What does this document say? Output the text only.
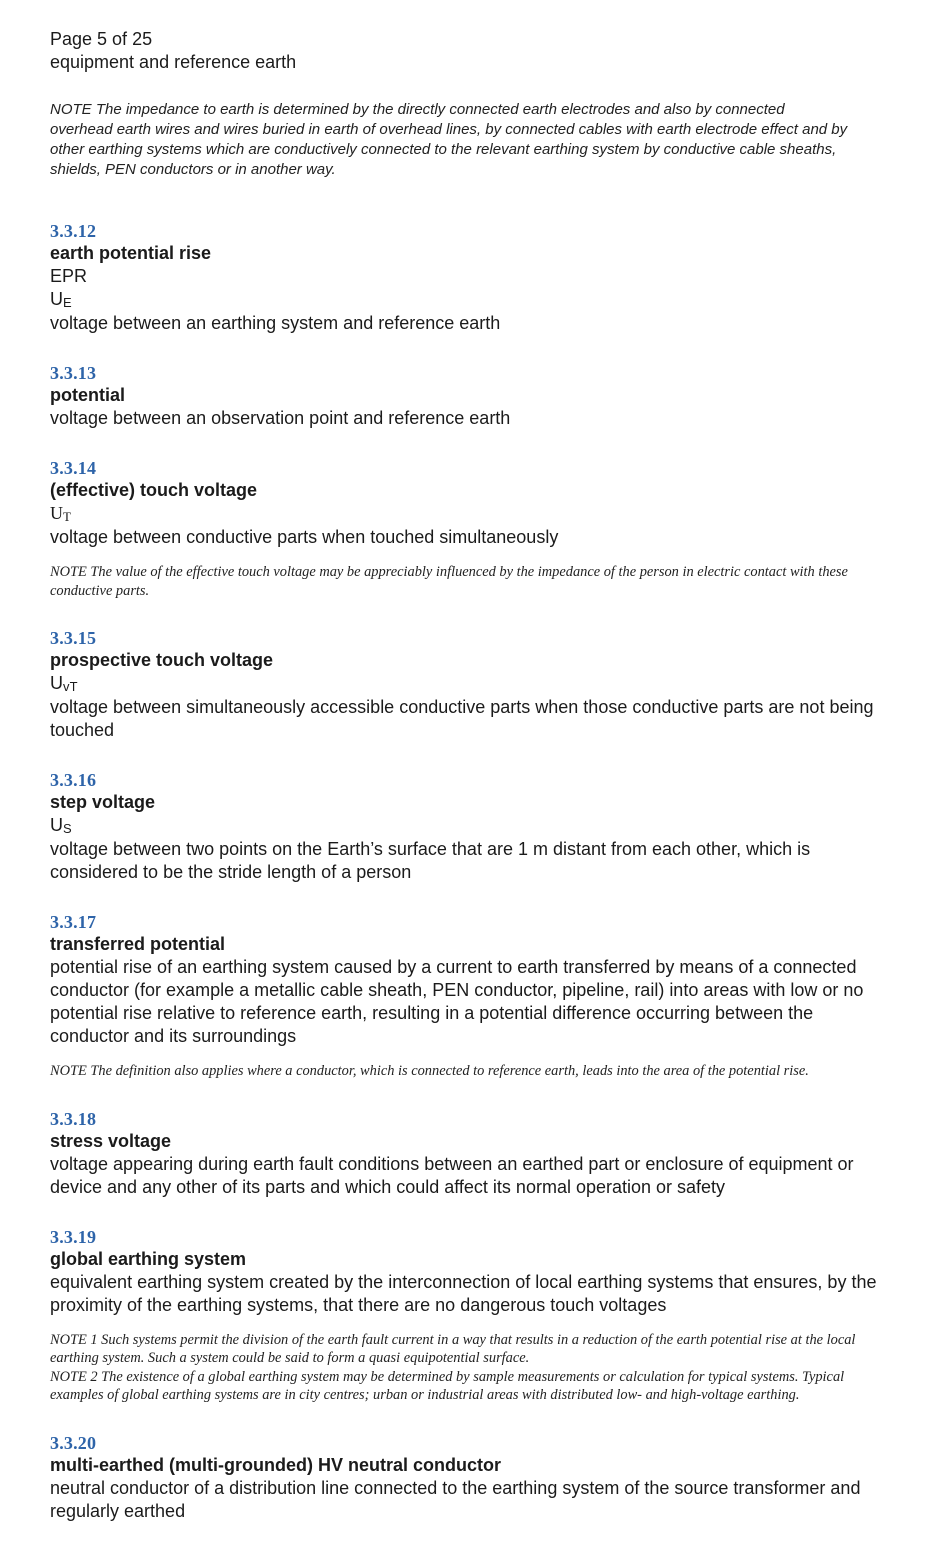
Page 5 of 25
equipment and reference earth
NOTE The impedance to earth is determined by the directly connected earth electrodes and also by connected overhead earth wires and wires buried in earth of overhead lines, by connected cables with earth electrode effect and by other earthing systems which are conductively connected to the relevant earthing system by conductive cable sheaths, shields, PEN conductors or in another way.
3.3.12
earth potential rise
EPR
$U_E$
voltage between an earthing system and reference earth
3.3.13
potential
voltage between an observation point and reference earth
3.3.14
(effective) touch voltage
$U_T$
voltage between conductive parts when touched simultaneously
NOTE The value of the effective touch voltage may be appreciably influenced by the impedance of the person in electric contact with these conductive parts.
3.3.15
prospective touch voltage
$U_{vT}$
voltage between simultaneously accessible conductive parts when those conductive parts are not being touched
3.3.16
step voltage
$U_S$
voltage between two points on the Earth’s surface that are 1 m distant from each other, which is considered to be the stride length of a person
3.3.17
transferred potential
potential rise of an earthing system caused by a current to earth transferred by means of a connected conductor (for example a metallic cable sheath, PEN conductor, pipeline, rail) into areas with low or no potential rise relative to reference earth, resulting in a potential difference occurring between the conductor and its surroundings
NOTE The definition also applies where a conductor, which is connected to reference earth, leads into the area of the potential rise.
3.3.18
stress voltage
voltage appearing during earth fault conditions between an earthed part or enclosure of equipment or device and any other of its parts and which could affect its normal operation or safety
3.3.19
global earthing system
equivalent earthing system created by the interconnection of local earthing systems that ensures, by the proximity of the earthing systems, that there are no dangerous touch voltages
NOTE 1 Such systems permit the division of the earth fault current in a way that results in a reduction of the earth potential rise at the local earthing system. Such a system could be said to form a quasi equipotential surface.
NOTE 2 The existence of a global earthing system may be determined by sample measurements or calculation for typical systems. Typical examples of global earthing systems are in city centres; urban or industrial areas with distributed low- and high-voltage earthing.
3.3.20
multi-earthed (multi-grounded) HV neutral conductor
neutral conductor of a distribution line connected to the earthing system of the source transformer and regularly earthed
